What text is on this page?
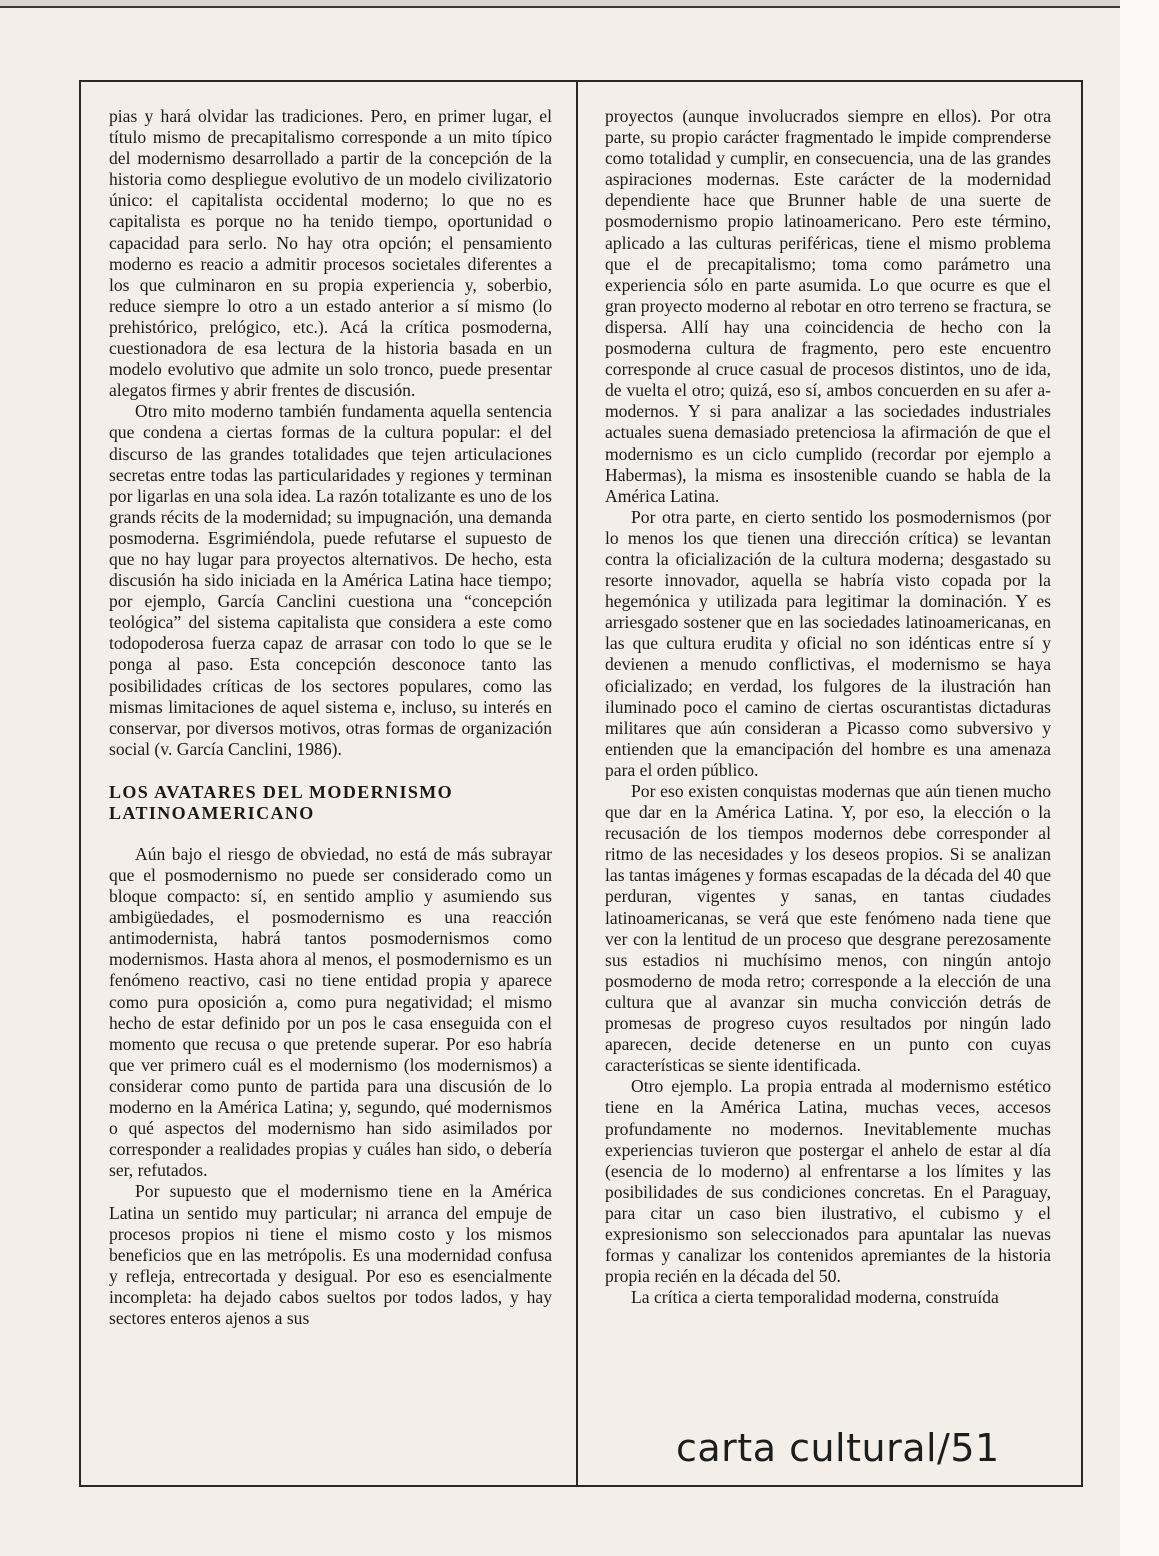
pias y hará olvidar las tradiciones. Pero, en primer lugar, el título mismo de precapitalismo corresponde a un mito típico del modernismo desarrollado a partir de la concepción de la historia como despliegue evolutivo de un modelo civilizatorio único: el capitalista occidental moderno; lo que no es capitalista es porque no ha tenido tiempo, oportunidad o capacidad para serlo. No hay otra opción; el pensamiento moderno es reacio a admitir procesos societales diferentes a los que culminaron en su propia experiencia y, soberbio, reduce siempre lo otro a un estado anterior a sí mismo (lo prehistórico, prelógico, etc.). Acá la crítica posmoderna, cuestionadora de esa lectura de la historia basada en un modelo evolutivo que admite un solo tronco, puede presentar alegatos firmes y abrir frentes de discusión.

Otro mito moderno también fundamenta aquella sentencia que condena a ciertas formas de la cultura popular: el del discurso de las grandes totalidades que tejen articulaciones secretas entre todas las particularidades y regiones y terminan por ligarlas en una sola idea. La razón totalizante es uno de los grands récits de la modernidad; su impugnación, una demanda posmoderna. Esgrimiéndola, puede refutarse el supuesto de que no hay lugar para proyectos alternativos. De hecho, esta discusión ha sido iniciada en la América Latina hace tiempo; por ejemplo, García Canclini cuestiona una “concepción teológica” del sistema capitalista que considera a este como todopoderosa fuerza capaz de arrasar con todo lo que se le ponga al paso. Esta concepción desconoce tanto las posibilidades críticas de los sectores populares, como las mismas limitaciones de aquel sistema e, incluso, su interés en conservar, por diversos motivos, otras formas de organización social (v. García Canclini, 1986).

LOS AVATARES DEL MODERNISMO
LATINOAMERICANO

Aún bajo el riesgo de obviedad, no está de más subrayar que el posmodernismo no puede ser considerado como un bloque compacto: sí, en sentido amplio y asumiendo sus ambigüedades, el posmodernismo es una reacción antimodernista, habrá tantos posmodernismos como modernismos. Hasta ahora al menos, el posmodernismo es un fenómeno reactivo, casi no tiene entidad propia y aparece como pura oposición a, como pura negatividad; el mismo hecho de estar definido por un pos le casa enseguida con el momento que recusa o que pretende superar. Por eso habría que ver primero cuál es el modernismo (los modernismos) a considerar como punto de partida para una discusión de lo moderno en la América Latina; y, segundo, qué modernismos o qué aspectos del modernismo han sido asimilados por corresponder a realidades propias y cuáles han sido, o debería ser, refutados.

Por supuesto que el modernismo tiene en la América Latina un sentido muy particular; ni arranca del empuje de procesos propios ni tiene el mismo costo y los mismos beneficios que en las metrópolis. Es una modernidad confusa y refleja, entrecortada y desigual. Por eso es esencialmente incompleta: ha dejado cabos sueltos por todos lados, y hay sectores enteros ajenos a sus

proyectos (aunque involucrados siempre en ellos). Por otra parte, su propio carácter fragmentado le impide comprenderse como totalidad y cumplir, en consecuencia, una de las grandes aspiraciones modernas. Este carácter de la modernidad dependiente hace que Brunner hable de una suerte de posmodernismo propio latinoamericano. Pero este término, aplicado a las culturas periféricas, tiene el mismo problema que el de precapitalismo; toma como parámetro una experiencia sólo en parte asumida. Lo que ocurre es que el gran proyecto moderno al rebotar en otro terreno se fractura, se dispersa. Allí hay una coincidencia de hecho con la posmoderna cultura de fragmento, pero este encuentro corresponde al cruce casual de procesos distintos, uno de ida, de vuelta el otro; quizá, eso sí, ambos concuerden en su afer a-modernos. Y si para analizar a las sociedades industriales actuales suena demasiado pretenciosa la afirmación de que el modernismo es un ciclo cumplido (recordar por ejemplo a Habermas), la misma es insostenible cuando se habla de la América Latina.

Por otra parte, en cierto sentido los posmodernismos (por lo menos los que tienen una dirección crítica) se levantan contra la oficialización de la cultura moderna; desgastado su resorte innovador, aquella se habría visto copada por la hegemónica y utilizada para legitimar la dominación. Y es arriesgado sostener que en las sociedades latinoamericanas, en las que cultura erudita y oficial no son idénticas entre sí y devienen a menudo conflictivas, el modernismo se haya oficializado; en verdad, los fulgores de la ilustración han iluminado poco el camino de ciertas oscurantistas dictaduras militares que aún consideran a Picasso como subversivo y entienden que la emancipación del hombre es una amenaza para el orden público.

Por eso existen conquistas modernas que aún tienen mucho que dar en la América Latina. Y, por eso, la elección o la recusación de los tiempos modernos debe corresponder al ritmo de las necesidades y los deseos propios. Si se analizan las tantas imágenes y formas escapadas de la década del 40 que perduran, vigentes y sanas, en tantas ciudades latinoamericanas, se verá que este fenómeno nada tiene que ver con la lentitud de un proceso que desgrane perezosamente sus estadios ni muchísimo menos, con ningún antojo posmoderno de moda retro; corresponde a la elección de una cultura que al avanzar sin mucha convicción detrás de promesas de progreso cuyos resultados por ningún lado aparecen, decide detenerse en un punto con cuyas características se siente identificada.

Otro ejemplo. La propia entrada al modernismo estético tiene en la América Latina, muchas veces, accesos profundamente no modernos. Inevitablemente muchas experiencias tuvieron que postergar el anhelo de estar al día (esencia de lo moderno) al enfrentarse a los límites y las posibilidades de sus condiciones concretas. En el Paraguay, para citar un caso bien ilustrativo, el cubismo y el expresionismo son seleccionados para apuntalar las nuevas formas y canalizar los contenidos apremiantes de la historia propia recién en la década del 50.

La crítica a cierta temporalidad moderna, construída

carta cultural/51
